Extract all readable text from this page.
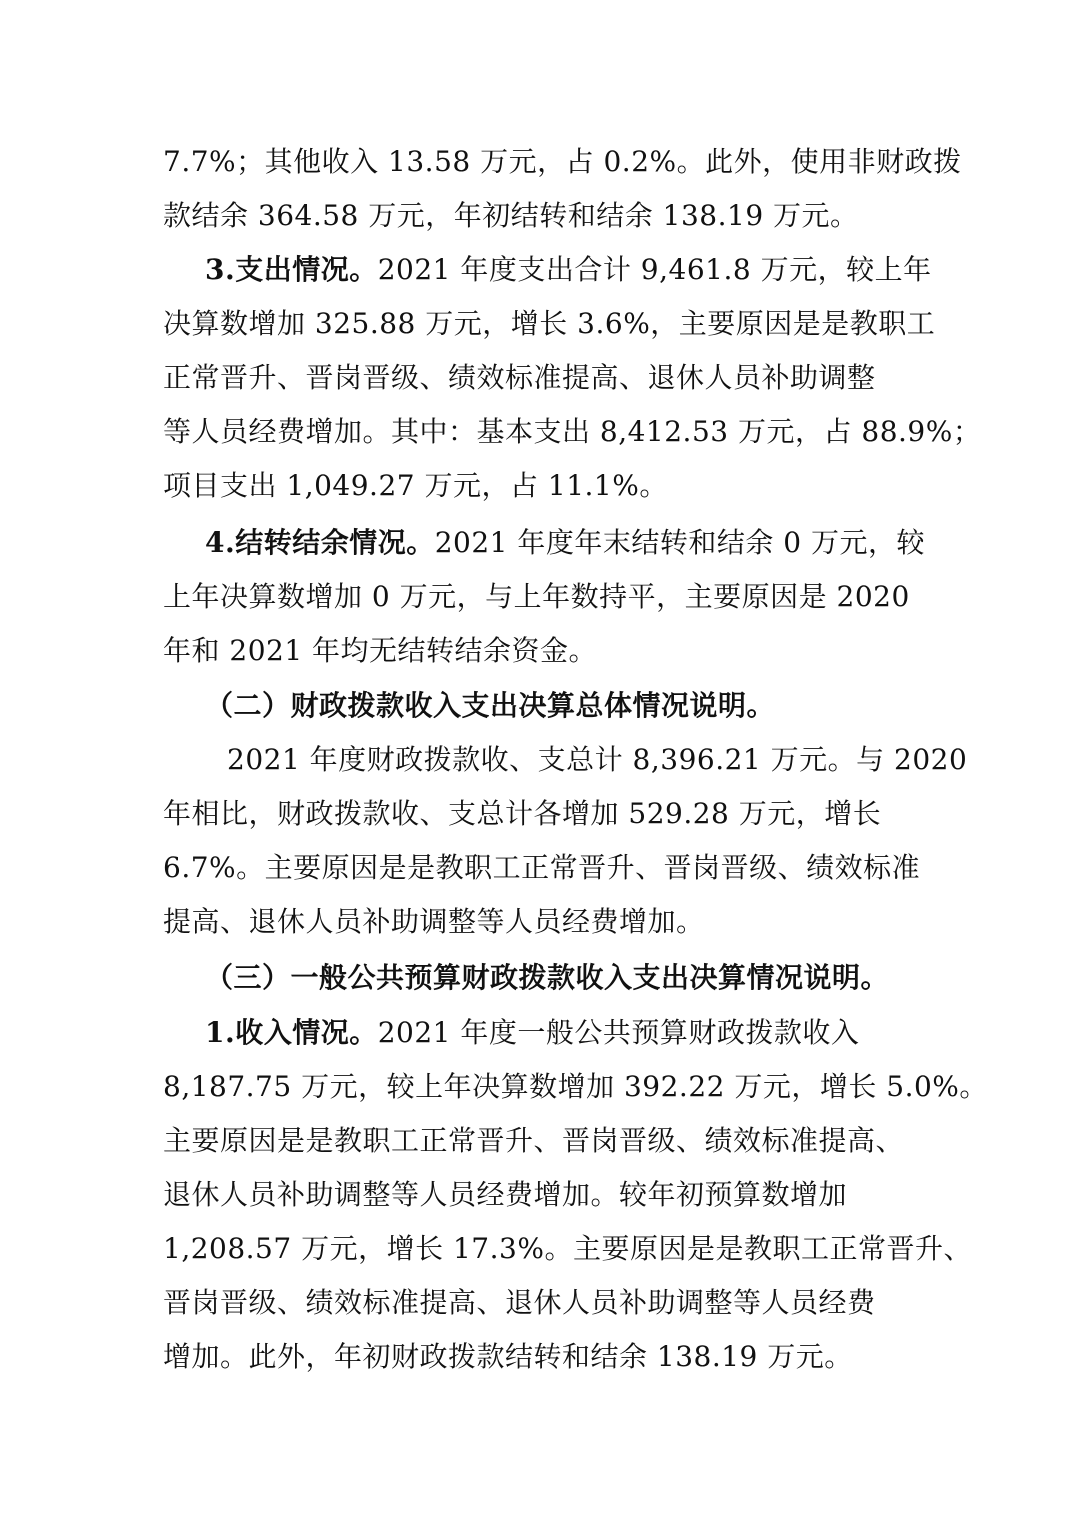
7.7%；其他收入 13.58 万元，占 0.2%。此外，使用非财政拨
款结余 364.58 万元，年初结转和结余 138.19 万元。
3.支出情况。2021 年度支出合计 9,461.8 万元，较上年
决算数增加 325.88 万元，增长 3.6%，主要原因是是教职工
正常晋升、晋岗晋级、绩效标准提高、退休人员补助调整
等人员经费增加。其中：基本支出 8,412.53 万元，占 88.9%；
项目支出 1,049.27 万元，占 11.1%。
4.结转结余情况。2021 年度年末结转和结余 0 万元，较
上年决算数增加 0 万元，与上年数持平，主要原因是 2020
年和 2021 年均无结转结余资金。
（二）财政拨款收入支出决算总体情况说明。
2021 年度财政拨款收、支总计 8,396.21 万元。与 2020
年相比，财政拨款收、支总计各增加 529.28 万元，增长
6.7%。主要原因是是教职工正常晋升、晋岗晋级、绩效标准
提高、退休人员补助调整等人员经费增加。
（三）一般公共预算财政拨款收入支出决算情况说明。
1.收入情况。2021 年度一般公共预算财政拨款收入
8,187.75 万元，较上年决算数增加 392.22 万元，增长 5.0%。
主要原因是是教职工正常晋升、晋岗晋级、绩效标准提高、
退休人员补助调整等人员经费增加。较年初预算数增加
1,208.57 万元，增长 17.3%。主要原因是是教职工正常晋升、
晋岗晋级、绩效标准提高、退休人员补助调整等人员经费
增加。此外，年初财政拨款结转和结余 138.19 万元。
